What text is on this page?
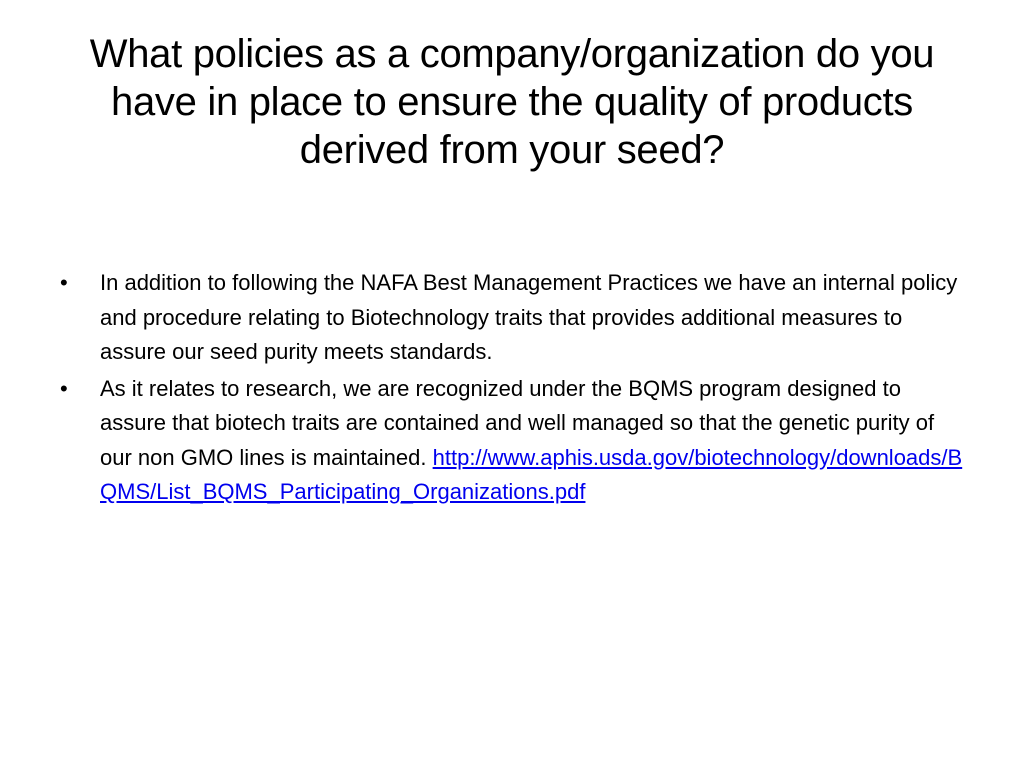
What policies as a company/organization do you have in place to ensure the quality of products derived from your seed?
•	In addition to following the NAFA Best Management Practices we have an internal policy and procedure relating to Biotechnology traits that provides additional measures to assure our seed purity meets standards.
•	As it relates to research, we are recognized under the BQMS program designed to assure that biotech traits are contained and well managed so that the genetic purity of our non GMO lines is maintained. http://www.aphis.usda.gov/biotechnology/downloads/BQMS/List_BQMS_Participating_Organizations.pdf
